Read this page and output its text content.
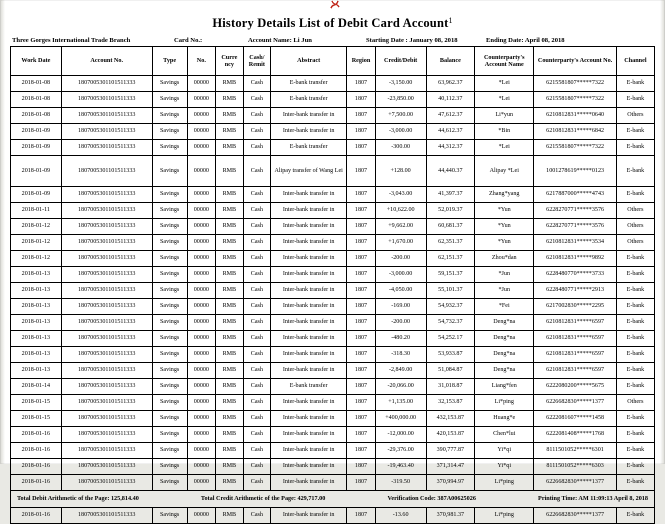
History Details List of Debit Card Account$^1$
Three Gorges International Trade Branch	Card No.:	Account Name: Li Jun	Starting Date : January 08, 2018	Ending Date: April 08, 2018
Work Date	Account No.	Type	No.	Curre ncy	Cash/ Remit	Abstract	Region	Credit/Debit	Balance	Counterparty's Account Name	Counterparty's Account No.	Channel
2018-01-08	1807005301101511333	Savings	00000	RMB	Cash	E-bank transfer	1807	-3,150.00	63,962.37	*Lei	6215581807*****7322	E-bank
2018-01-08	1807005301101511333	Savings	00000	RMB	Cash	E-bank transfer	1807	-23,850.00	40,112.37	*Lei	6215581807*****7322	E-bank
2018-01-08	1807005301101511333	Savings	00000	RMB	Cash	Inter-bank transfer in	1807	+7,500.00	47,612.37	Li*yun	6210812831*****0640	Others
2018-01-09	1807005301101511333	Savings	00000	RMB	Cash	Inter-bank transfer in	1807	-3,000.00	44,612.37	*Bin	6210812831*****6842	E-bank
2018-01-09	1807005301101511333	Savings	00000	RMB	Cash	E-bank transfer	1807	-300.00	44,312.37	*Lei	6215581807*****7322	E-bank
2018-01-09	1807005301101511333	Savings	00000	RMB	Cash	Alipay transfer of Wang Lei	1807	+128.00	44,440.37	Alipay *Lei	1001278619*****0123	E-bank
2018-01-09	1807005301101511333	Savings	00000	RMB	Cash	Inter-bank transfer in	1807	-3,043.00	41,397.37	Zhang*yang	6217887000*****4743	E-bank
2018-01-11	1807005301101511333	Savings	00000	RMB	Cash	Inter-bank transfer in	1807	+10,622.00	52,019.37	*Yun	6228270771*****3576	Others
2018-01-12	1807005301101511333	Savings	00000	RMB	Cash	Inter-bank transfer in	1807	+9,662.00	60,681.37	*Yun	6228270771*****3576	Others
2018-01-12	1807005301101511333	Savings	00000	RMB	Cash	Inter-bank transfer in	1807	+1,670.00	62,351.37	*Yun	6210812831*****3534	Others
2018-01-12	1807005301101511333	Savings	00000	RMB	Cash	Inter-bank transfer in	1807	-200.00	62,151.37	Zhou*dan	6210812831*****9892	E-bank
2018-01-13	1807005301101511333	Savings	00000	RMB	Cash	Inter-bank transfer in	1807	-3,000.00	59,151.37	*Jun	6228480770*****3733	E-bank
2018-01-13	1807005301101511333	Savings	00000	RMB	Cash	Inter-bank transfer in	1807	-4,050.00	55,101.37	*Jun	6228480771*****2913	E-bank
2018-01-13	1807005301101511333	Savings	00000	RMB	Cash	Inter-bank transfer in	1807	-169.00	54,932.37	*Fei	6217002830*****2295	E-bank
2018-01-13	1807005301101511333	Savings	00000	RMB	Cash	Inter-bank transfer in	1807	-200.00	54,732.37	Deng*na	6210812831*****6597	E-bank
2018-01-13	1807005301101511333	Savings	00000	RMB	Cash	Inter-bank transfer in	1807	-480.20	54,252.17	Deng*na	6210812831*****6597	E-bank
2018-01-13	1807005301101511333	Savings	00000	RMB	Cash	Inter-bank transfer in	1807	-318.30	53,933.87	Deng*na	6210812831*****6597	E-bank
2018-01-13	1807005301101511333	Savings	00000	RMB	Cash	Inter-bank transfer in	1807	-2,849.00	51,084.87	Deng*na	6210812831*****6597	E-bank
2018-01-14	1807005301101511333	Savings	00000	RMB	Cash	E-bank transfer	1807	-20,066.00	31,018.87	Liang*fen	6222080200*****5675	E-bank
2018-01-15	1807005301101511333	Savings	00000	RMB	Cash	Inter-bank transfer in	1807	+1,135.00	32,153.87	Li*ping	6226682830*****1377	Others
2018-01-15	1807005301101511333	Savings	00000	RMB	Cash	Inter-bank transfer in	1807	+400,000.00	432,153.87	Huang*e	6222081607*****1458	E-bank
2018-01-16	1807005301101511333	Savings	00000	RMB	Cash	Inter-bank transfer in	1807	-12,000.00	420,153.87	Chen*lui	6222081408*****1768	E-bank
2018-01-16	1807005301101511333	Savings	00000	RMB	Cash	Inter-bank transfer in	1807	-29,376.00	390,777.87	Yi*qi	8111501052*****6301	E-bank
2018-01-16	1807005301101511333	Savings	00000	RMB	Cash	Inter-bank transfer in	1807	-19,463.40	371,314.47	Yi*qi	8111501052*****6303	E-bank
2018-01-16	1807005301101511333	Savings	00000	RMB	Cash	Inter-bank transfer in	1807	-319.50	370,994.97	Li*ping	6226682830*****1377	E-bank

Total Debit Arithmetic of the Page: 125,814.40 Total Credit Arithmetic of the Page: 429,717.00 Verification Code: 387A00625026 Printing Time: AM 11:09:13 April 8, 2018												

2018-01-16	1807005301101511333	Savings	00000	RMB	Cash	Inter-bank transfer in	1807	-13.60	370,981.37	Li*ping	6226682830*****1377	E-bank
